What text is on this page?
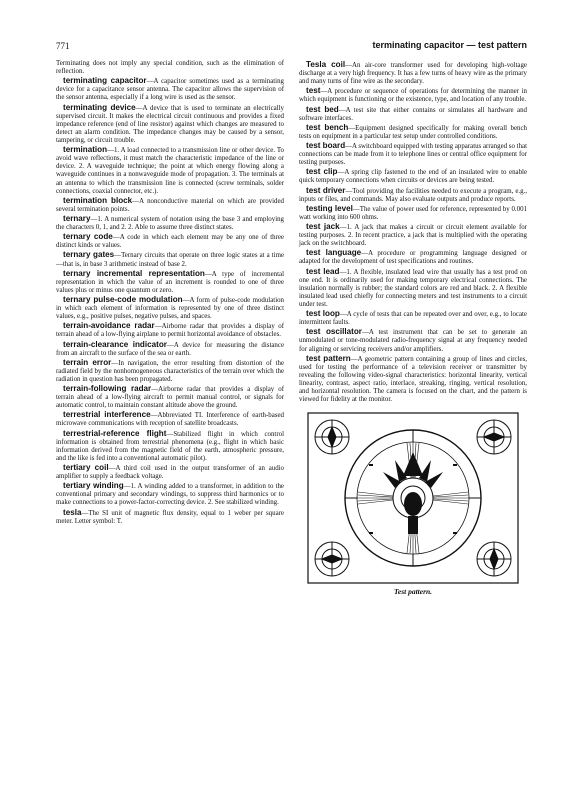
771	terminating capacitor — test pattern

Terminating does not imply any special condition, such as the elimination of reflection.

terminating capacitor—A capacitor sometimes used as a terminating device for a capacitance sensor antenna. The capacitor allows the supervision of the sensor antenna, especially if a long wire is used as the sensor.

terminating device—A device that is used to terminate an electrically supervised circuit. It makes the electrical circuit continuous and provides a fixed impedance reference (end of line resistor) against which changes are measured to detect an alarm condition. The impedance changes may be caused by a sensor, tampering, or circuit trouble.

termination—1. A load connected to a transmission line or other device. To avoid wave reflections, it must match the characteristic impedance of the line or device. 2. A waveguide technique; the point at which energy flowing along a waveguide continues in a nonwaveguide mode of propagation. 3. The terminals at an antenna to which the transmission line is connected (screw terminals, solder connections, coaxial connector, etc.).

termination block—A nonconductive material on which are provided several termination points.

ternary—1. A numerical system of notation using the base 3 and employing the characters 0, 1, and 2. 2. Able to assume three distinct states.

ternary code—A code in which each element may be any one of three distinct kinds or values.

ternary gates—Ternary circuits that operate on three logic states at a time—that is, in base 3 arithmetic instead of base 2.

ternary incremental representation—A type of incremental representation in which the value of an increment is rounded to one of three values plus or minus one quantum or zero.

ternary pulse-code modulation—A form of pulse-code modulation in which each element of information is represented by one of three distinct values, e.g., positive pulses, negative pulses, and spaces.

terrain-avoidance radar—Airborne radar that provides a display of terrain ahead of a low-flying airplane to permit horizontal avoidance of obstacles.

terrain-clearance indicator—A device for measuring the distance from an aircraft to the surface of the sea or earth.

terrain error—In navigation, the error resulting from distortion of the radiated field by the nonhomogeneous characteristics of the terrain over which the radiation in question has been propagated.

terrain-following radar—Airborne radar that provides a display of terrain ahead of a low-flying aircraft to permit manual control, or signals for automatic control, to maintain constant altitude above the ground.

terrestrial interference—Abbreviated TI. Interference of earth-based microwave communications with reception of satellite broadcasts.

terrestrial-reference flight—Stabilized flight in which control information is obtained from terrestrial phenomena (e.g., flight in which basic information derived from the magnetic field of the earth, atmospheric pressure, and the like is fed into a conventional automatic pilot).

tertiary coil—A third coil used in the output transformer of an audio amplifier to supply a feedback voltage.

tertiary winding—1. A winding added to a transformer, in addition to the conventional primary and secondary windings, to suppress third harmonics or to make connections to a power-factor-correcting device. 2. See stabilized winding.

tesla—The SI unit of magnetic flux density, equal to 1 weber per square meter. Letter symbol: T.

Tesla coil—An air-core transformer used for developing high-voltage discharge at a very high frequency. It has a few turns of heavy wire as the primary and many turns of fine wire as the secondary.

test—A procedure or sequence of operations for determining the manner in which equipment is functioning or the existence, type, and location of any trouble.

test bed—A test site that either contains or simulates all hardware and software interfaces.

test bench—Equipment designed specifically for making overall bench tests on equipment in a particular test setup under controlled conditions.

test board—A switchboard equipped with testing apparatus arranged so that connections can be made from it to telephone lines or central office equipment for testing purposes.

test clip—A spring clip fastened to the end of an insulated wire to enable quick temporary connections when circuits or devices are being tested.

test driver—Tool providing the facilities needed to execute a program, e.g., inputs or files, and commands. May also evaluate outputs and produce reports.

testing level—The value of power used for reference, represented by 0.001 watt working into 600 ohms.

test jack—1. A jack that makes a circuit or circuit element available for testing purposes. 2. In recent practice, a jack that is multiplied with the operating jack on the switchboard.

test language—A procedure or programming language designed or adapted for the development of test specifications and routines.

test lead—1. A flexible, insulated lead wire that usually has a test prod on one end. It is ordinarily used for making temporary electrical connections. The insulation normally is rubber; the standard colors are red and black. 2. A flexible insulated lead used chiefly for connecting meters and test instruments to a circuit under test.

test loop—A cycle of tests that can be repeated over and over, e.g., to locate intermittent faults.

test oscillator—A test instrument that can be set to generate an unmodulated or tone-modulated radio-frequency signal at any frequency needed for aligning or servicing receivers and/or amplifiers.

test pattern—A geometric pattern containing a group of lines and circles, used for testing the performance of a television receiver or transmitter by revealing the following video-signal characteristics: horizontal linearity, vertical linearity, contrast, aspect ratio, interlace, streaking, ringing, vertical resolution, and horizontal resolution. The camera is focused on the chart, and the pattern is viewed for fidelity at the monitor.

Test pattern.
